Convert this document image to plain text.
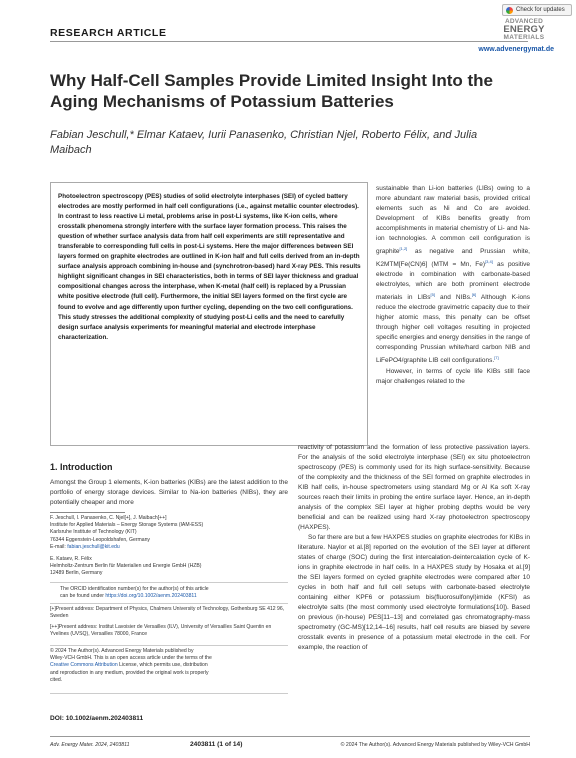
Check for updates
RESEARCH ARTICLE
ADVANCED
ENERGY
MATERIALS
www.advenergymat.de
Why Half-Cell Samples Provide Limited Insight Into the Aging Mechanisms of Potassium Batteries
Fabian Jeschull,* Elmar Kataev, Iurii Panasenko, Christian Njel, Roberto Félix, and Julia Maibach
Photoelectron spectroscopy (PES) studies of solid electrolyte interphases (SEI) of cycled battery electrodes are mostly performed in half cell configurations (i.e., against metallic counter electrodes). In contrast to less reactive Li metal, problems arise in post-Li systems, like K-ion cells, where crosstalk phenomena strongly interfere with the surface layer formation process. This raises the question of whether surface analysis data from half cell experiments are still representative and transferable to corresponding full cells in post-Li systems. Here the major differences between SEI layers formed on graphite electrodes are outlined in K-ion half and full cells derived from an in-depth surface analysis approach combining in-house and (synchrotron-based) hard X-ray PES. This results highlight significant changes in SEI characteristics, both in terms of SEI layer thickness and gradual compositional changes across the interphase, when K-metal (half cell) is replaced by a Prussian white positive electrode (full cell). Furthermore, the initial SEI layers formed on the first cycle are found to evolve and age differently upon further cycling, depending on the two cell configurations. This study stresses the additional complexity of studying post-Li cells and the need to carefully design surface analysis experiments for meaningful material and electrode interphase characterization.
1. Introduction
Amongst the Group 1 elements, K-ion batteries (KIBs) are the latest addition to the portfolio of energy storage devices. Similar to Na-ion batteries (NIBs), they are potentially cheaper and more
F. Jeschull, I. Panasenko, C. Njel[+], J. Maibach[++]
Institute for Applied Materials – Energy Storage Systems (IAM-ESS)
Karlsruhe Institute of Technology (KIT)
76344 Eggenstein-Leopoldshafen, Germany
E-mail: fabian.jeschull@kit.edu
E. Kataev, R. Félix
Helmholtz-Zentrum Berlin für Materialien und Energie GmbH (HZB)
12489 Berlin, Germany
The ORCID identification number(s) for the author(s) of this article
can be found under https://doi.org/10.1002/aenm.202403811
[+]Present address: Department of Physics, Chalmers University of Technology, Gothenburg SE 412 96, Sweden
[++]Present address: Institut Lavoisier de Versailles (ILV), University of Versailles Saint Quentin en Yvelines (UVSQ), Versailles 78000, France
© 2024 The Author(s). Advanced Energy Materials published by
Wiley-VCH GmbH. This is an open access article under the terms of the
Creative Commons Attribution License, which permits use, distribution
and reproduction in any medium, provided the original work is properly
cited.
DOI: 10.1002/aenm.202403811

sustainable than Li-ion batteries (LIBs) owing to a more abundant raw material basis, provided critical elements such as Ni and Co are avoided. Development of KIBs benefits greatly from accomplishments in material chemistry of Li- and Na-ion technologies. A common cell configuration is graphite[1,2] as negative and Prussian white, K2MTM[Fe(CN)6] (MTM = Mn, Fe)[3,4] as positive electrode in combination with carbonate-based electrolytes, which are both prominent electrode materials in LIBs[5] and NIBs.[6] Although K-ions reduce the electrode gravimetric capacity due to their higher atomic mass, this penalty can be offset through higher cell voltages resulting in projected specific energies and energy densities in the range of corresponding Prussian white/hard carbon NIB and LiFePO4/graphite LIB cell configurations.[7]

However, in terms of cycle life KIBs still face major challenges related to the

reactivity of potassium and the formation of less protective passivation layers. For the analysis of the solid electrolyte interphase (SEI) ex situ photoelectron spectroscopy (PES) is commonly used for its high surface-sensitivity. Because of the complexity and the thickness of the SEI formed on graphite electrodes in KIB half cells, in-house spectrometers using standard Mg or Al Ka soft X-ray sources reach their limits in probing the entire surface layer. Hence, an in-depth analysis of the complex SEI layer at higher probing depths would be very beneficial and can be realized using hard X-ray photoelectron spectroscopy (HAXPES).

So far there are but a few HAXPES studies on graphite electrodes for KIBs in literature. Naylor et al.[8] reported on the evolution of the SEI layer at different states of charge (SOC) during the first intercalation-deintercalation cycle of K-ions in graphite electrode in half cells. In a HAXPES study by Hosaka et al.[9] the SEI layers formed on cycled graphite electrodes were compared after 10 cycles in both half and full cell setups with carbonate-based electrolyte containing either KPF6 or potassium bis(fluorosulfonyl)imide (KFSI) as electrolyte salts (the most commonly used electrolyte formulations[10]). Based on previous (in-house) PES[11–13] and correlated gas chromatography-mass spectrometry (GC-MS)[12,14–16] results, half cell results are biased by severe crosstalk events in presence of a potassium metal electrode in the cell. For example, the reaction of

Adv. Energy Mater. 2024, 2403811	2403811 (1 of 14)	© 2024 The Author(s). Advanced Energy Materials published by Wiley-VCH GmbH
